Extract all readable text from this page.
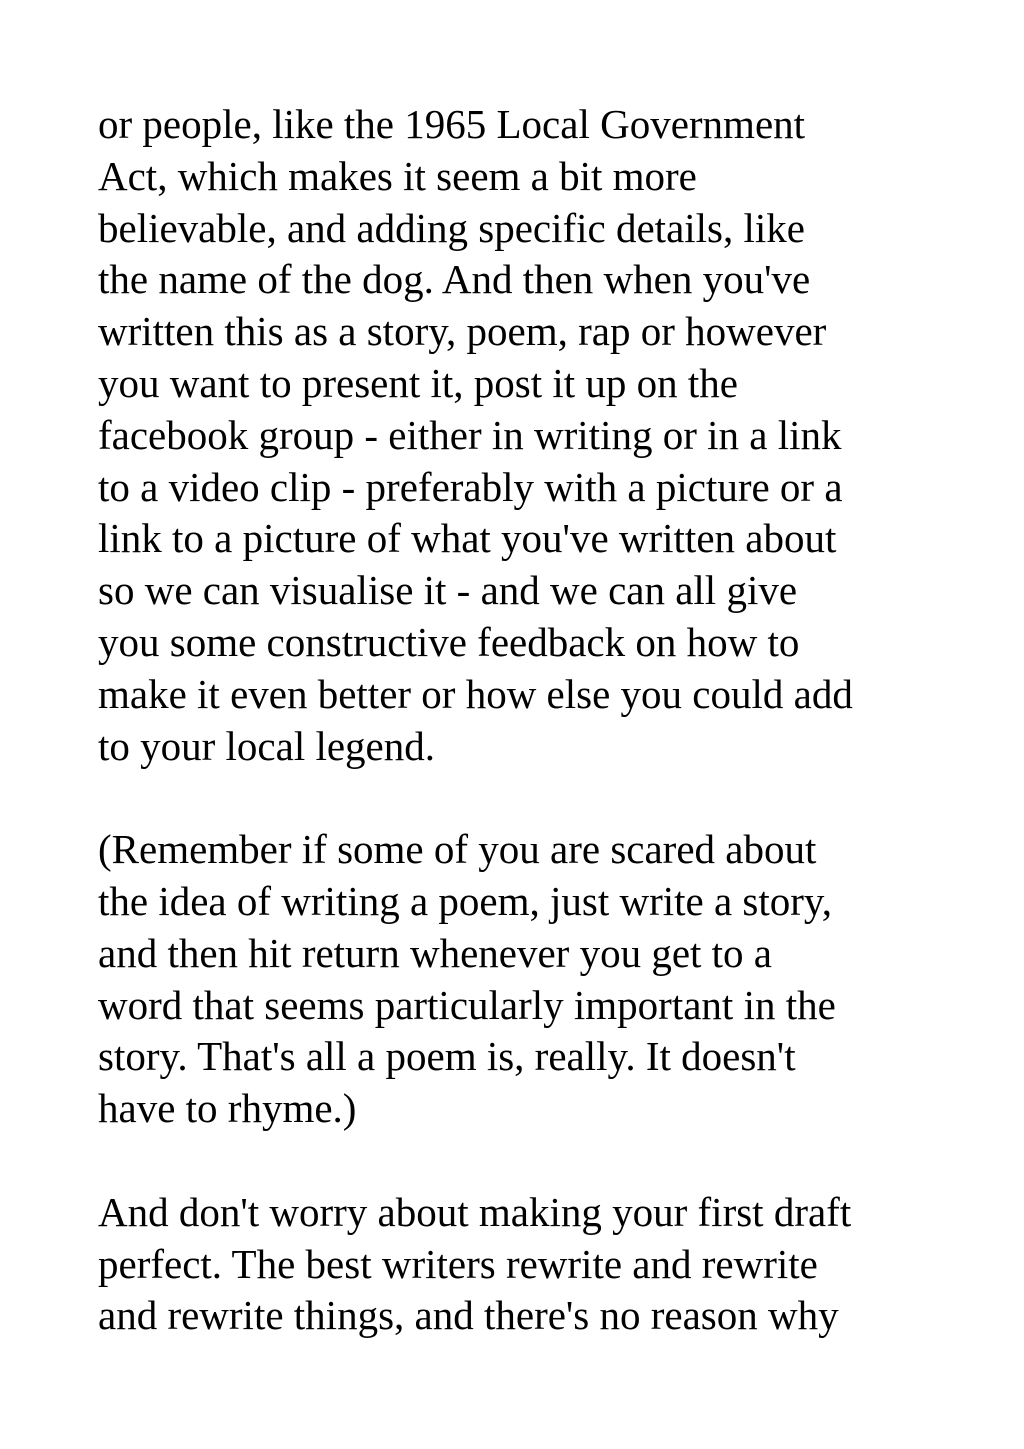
or people, like the 1965 Local Government
Act, which makes it seem a bit more
believable, and adding specific details, like
the name of the dog. And then when you've
written this as a story, poem, rap or however
you want to present it, post it up on the
facebook group - either in writing or in a link
to a video clip - preferably with a picture or a
link to a picture of what you've written about
so we can visualise it - and we can all give
you some constructive feedback on how to
make it even better or how else you could add
to your local legend.
(Remember if some of you are scared about
the idea of writing a poem, just write a story,
and then hit return whenever you get to a
word that seems particularly important in the
story. That's all a poem is, really. It doesn't
have to rhyme.)
And don't worry about making your first draft
perfect. The best writers rewrite and rewrite
and rewrite things, and there's no reason why
